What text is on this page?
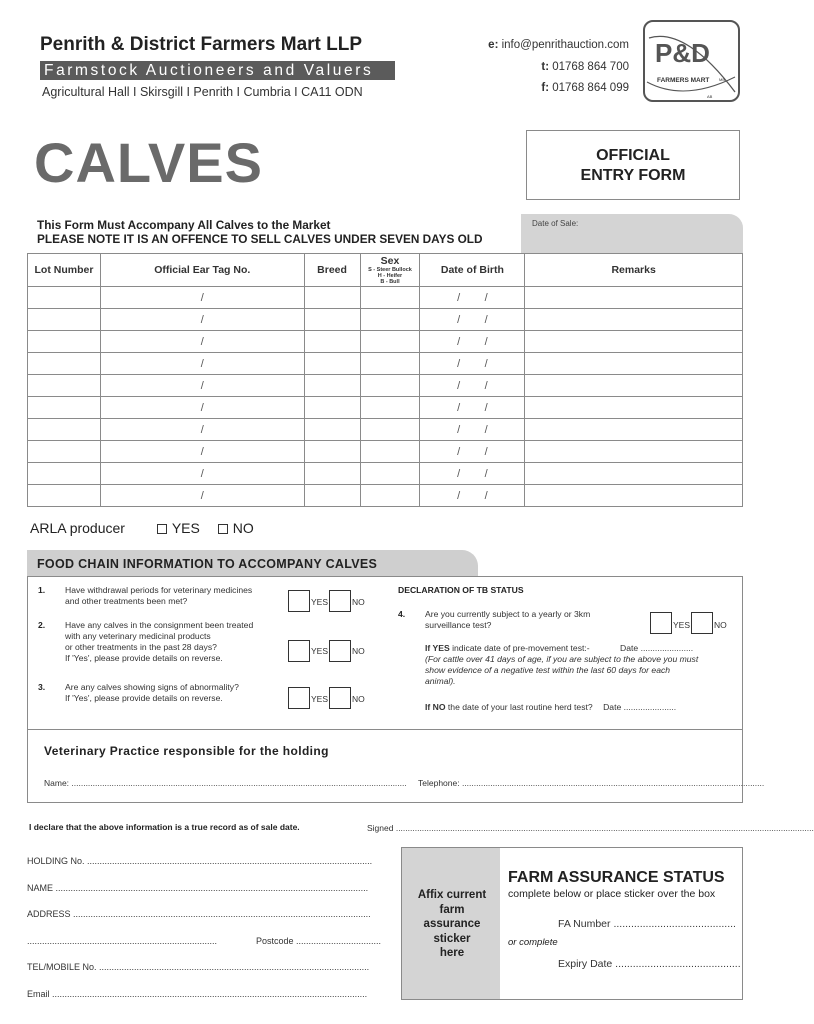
Penrith & District Farmers Mart LLP
Farmstock Auctioneers and Valuers
Agricultural Hall I Skirsgill I Penrith I Cumbria I CA11 ODN
e: info@penrithauction.com
t: 01768 864 700
f: 01768 864 099
P&D
FARMERS MART MB
AB
CALVES	OFFICIAL
ENTRY FORM
This Form Must Accompany All Calves to the Market
PLEASE NOTE IT IS AN OFFENCE TO SELL CALVES UNDER SEVEN DAYS OLD
Date of Sale:
Lot Number	Official Ear Tag No.	Breed	Sex
S - Steer Bullock
H - Heifer
B - Bull	Date of Birth	Remarks
	/			/        /	
	/			/        /	
	/			/        /	
	/			/        /	
	/			/        /	
	/			/        /	
	/			/        /	
	/			/        /	
	/			/        /	
	/			/        /	
ARLA producer	YES NO
FOOD CHAIN INFORMATION TO ACCOMPANY CALVES
1. Have withdrawal periods for veterinary medicines
and other treatments been met?	YES	NO
2. Have any calves in the consignment been treated
with any veterinary medicinal products
or other treatments in the past 28 days?
If 'Yes', please provide details on reverse.
YES	NO
3. Are any calves showing signs of abnormality?
If 'Yes', please provide details on reverse.	YES	NO
DECLARATION OF TB STATUS
4. Are you currently subject to a yearly or 3km
surveillance test?	YES	NO
If YES indicate date of pre-movement test:-	Date ......................
(For cattle over 41 days of age, if you are subject to the above you must
show evidence of a negative test within the last 60 days for each
animal).
If NO the date of your last routine herd test? Date ......................
Veterinary Practice responsible for the holding
Name: .............................................................................................................................................. Telephone: ................................................................................................................................
I declare that the above information is a true record as of sale date.	Signed .................................................................................................................................................................................
HOLDING No. ..................................................................................................................
NAME .............................................................................................................................
ADDRESS .......................................................................................................................
............................................................................	Postcode ..................................
TEL/MOBILE No. ............................................................................................................
Email ..............................................................................................................................
Affix current
farm
assurance
sticker
here
FARM ASSURANCE STATUS
complete below or place sticker over the box
FA Number ..........................................
or complete
Expiry Date ...........................................
